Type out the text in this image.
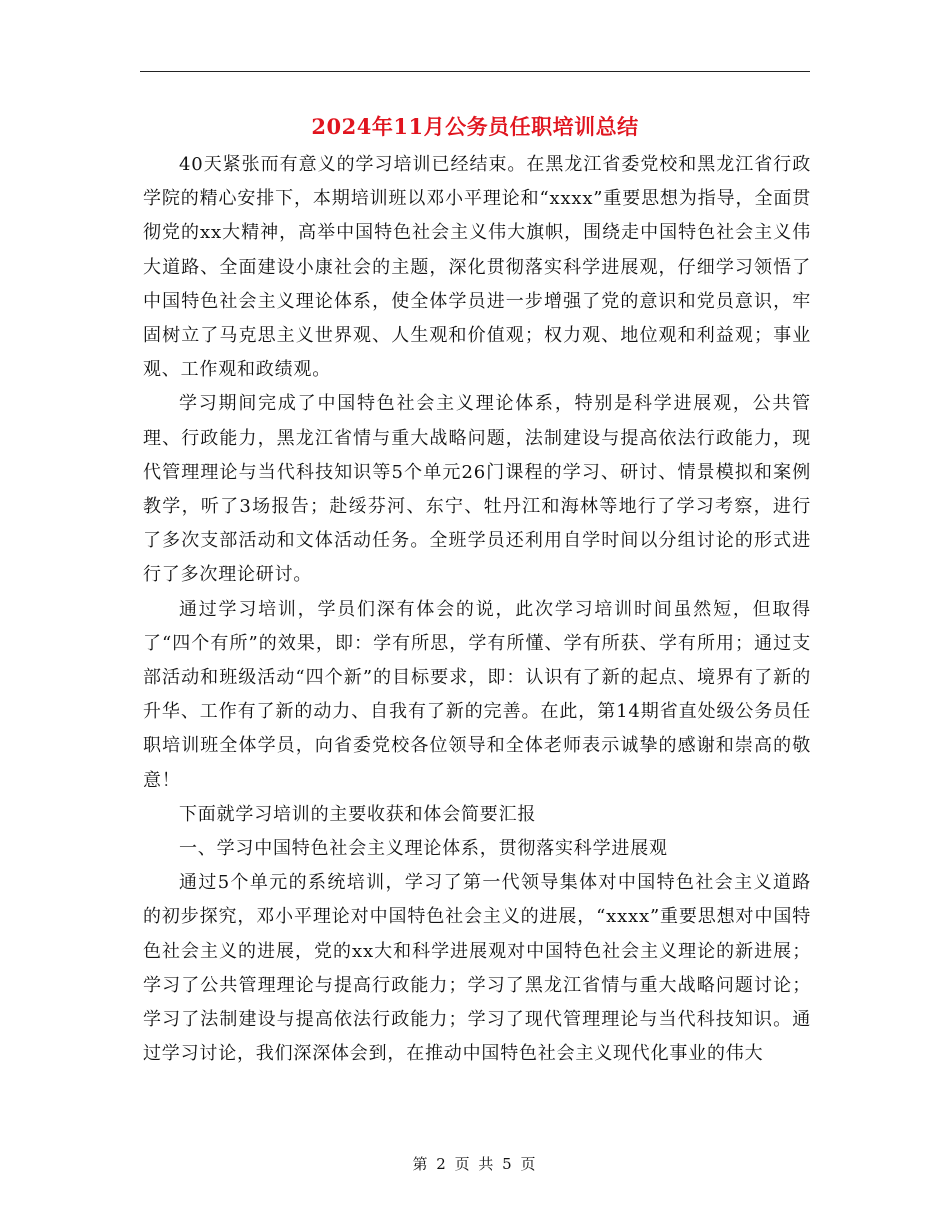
2024年11月公务员任职培训总结

40天紧张而有意义的学习培训已经结束。在黑龙江省委党校和黑龙江省行政学院的精心安排下，本期培训班以邓小平理论和“xxxx”重要思想为指导，全面贯彻党的xx大精神，高举中国特色社会主义伟大旗帜，围绕走中国特色社会主义伟大道路、全面建设小康社会的主题，深化贯彻落实科学进展观，仔细学习领悟了中国特色社会主义理论体系，使全体学员进一步增强了党的意识和党员意识，牢固树立了马克思主义世界观、人生观和价值观；权力观、地位观和利益观；事业观、工作观和政绩观。

学习期间完成了中国特色社会主义理论体系，特别是科学进展观，公共管理、行政能力，黑龙江省情与重大战略问题，法制建设与提高依法行政能力，现代管理理论与当代科技知识等5个单元26门课程的学习、研讨、情景模拟和案例教学，听了3场报告；赴绥芬河、东宁、牡丹江和海林等地行了学习考察，进行了多次支部活动和文体活动任务。全班学员还利用自学时间以分组讨论的形式进行了多次理论研讨。

通过学习培训，学员们深有体会的说，此次学习培训时间虽然短，但取得了“四个有所”的效果，即：学有所思，学有所懂、学有所获、学有所用；通过支部活动和班级活动“四个新”的目标要求，即：认识有了新的起点、境界有了新的升华、工作有了新的动力、自我有了新的完善。在此，第14期省直处级公务员任职培训班全体学员，向省委党校各位领导和全体老师表示诚挚的感谢和崇高的敬意！

下面就学习培训的主要收获和体会简要汇报

一、学习中国特色社会主义理论体系，贯彻落实科学进展观

通过5个单元的系统培训，学习了第一代领导集体对中国特色社会主义道路的初步探究，邓小平理论对中国特色社会主义的进展，“xxxx”重要思想对中国特色社会主义的进展，党的xx大和科学进展观对中国特色社会主义理论的新进展；学习了公共管理理论与提高行政能力；学习了黑龙江省情与重大战略问题讨论；学习了法制建设与提高依法行政能力；学习了现代管理理论与当代科技知识。通过学习讨论，我们深深体会到，在推动中国特色社会主义现代化事业的伟大

第 2 页 共 5 页
